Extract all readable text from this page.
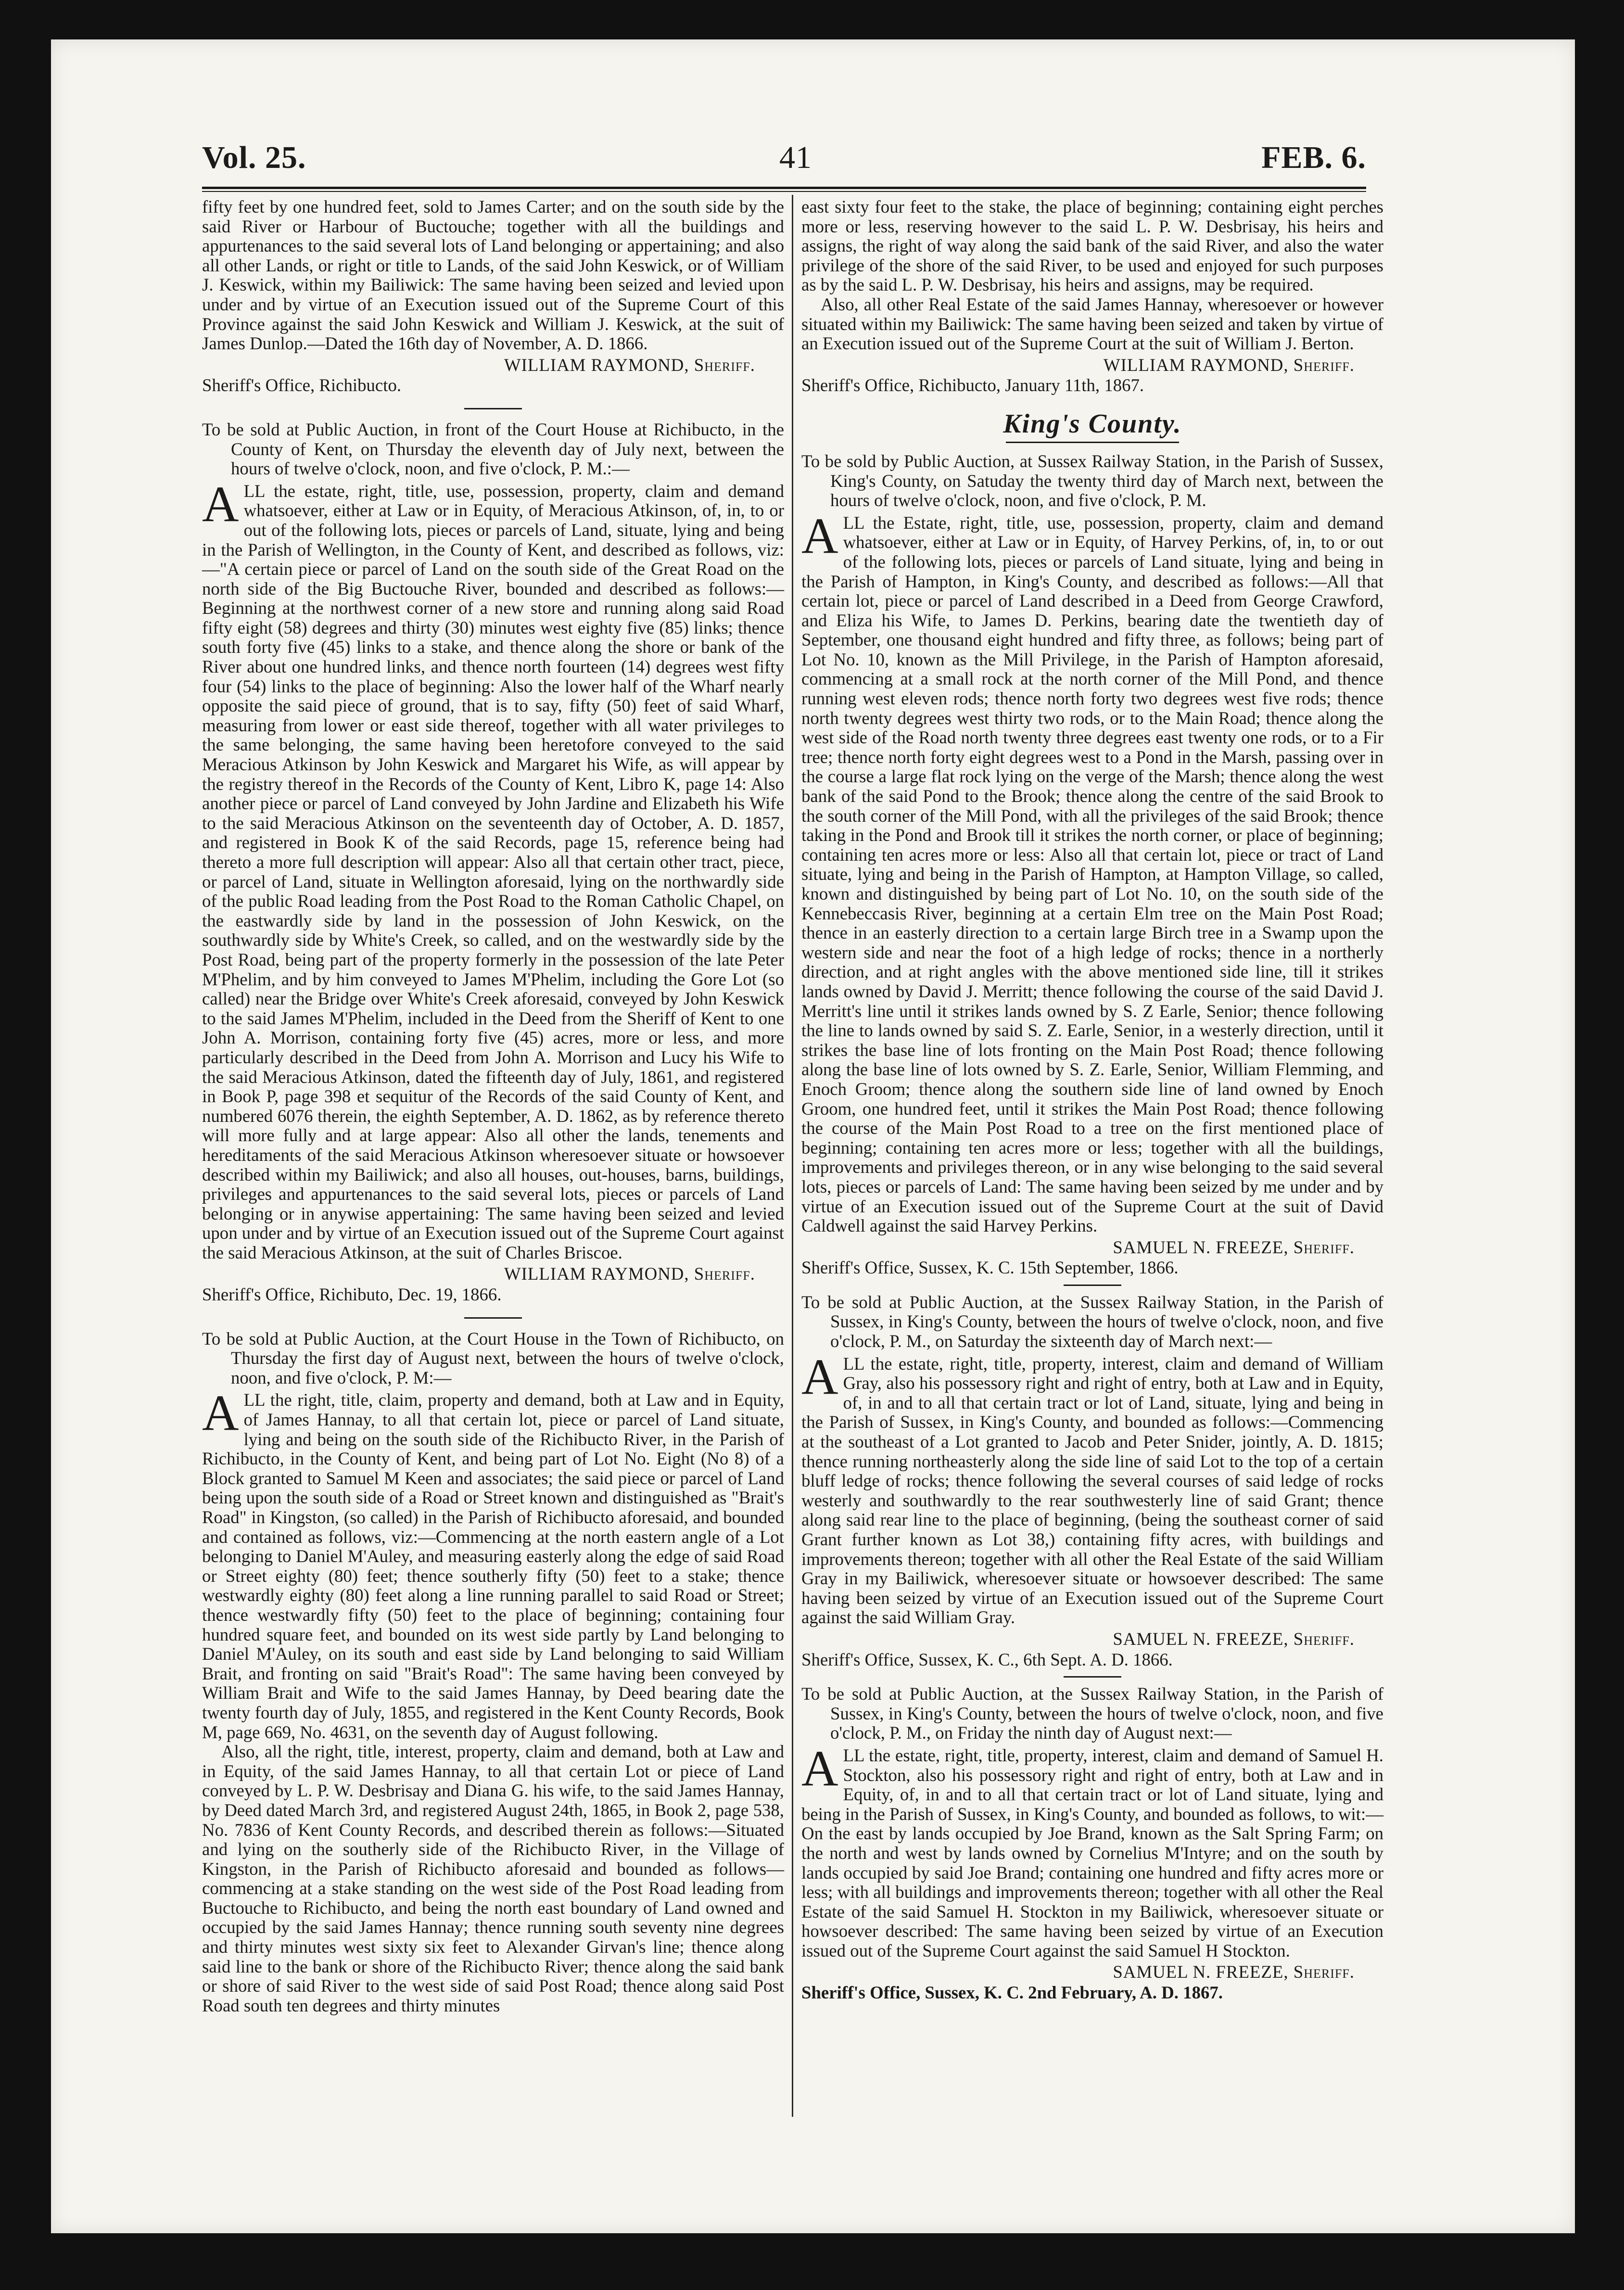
Vol. 25.	41	FEB. 6.

fifty feet by one hundred feet, sold to James Carter; and on the south side by the said River or Harbour of Buctouche; together with all the buildings and appurtenances to the said several lots of Land belonging or appertaining; and also all other Lands, or right or title to Lands, of the said John Keswick, or of William J. Keswick, within my Bailiwick: The same having been seized and levied upon under and by virtue of an Execution issued out of the Supreme Court of this Province against the said John Keswick and William J. Keswick, at the suit of James Dunlop.—Dated the 16th day of November, A. D. 1866.

WILLIAM RAYMOND, Sheriff.

Sheriff's Office, Richibucto.

To be sold at Public Auction, in front of the Court House at Richibucto, in the County of Kent, on Thursday the eleventh day of July next, between the hours of twelve o'clock, noon, and five o'clock, P. M.:—

ALL the estate, right, title, use, possession, property, claim and demand whatsoever, either at Law or in Equity, of Meracious Atkinson, of, in, to or out of the following lots, pieces or parcels of Land, situate, lying and being in the Parish of Wellington, in the County of Kent, and described as follows, viz:—"A certain piece or parcel of Land on the south side of the Great Road on the north side of the Big Buctouche River, bounded and described as follows:—Beginning at the northwest corner of a new store and running along said Road fifty eight (58) degrees and thirty (30) minutes west eighty five (85) links; thence south forty five (45) links to a stake, and thence along the shore or bank of the River about one hundred links, and thence north fourteen (14) degrees west fifty four (54) links to the place of beginning: Also the lower half of the Wharf nearly opposite the said piece of ground, that is to say, fifty (50) feet of said Wharf, measuring from lower or east side thereof, together with all water privileges to the same belonging, the same having been heretofore conveyed to the said Meracious Atkinson by John Keswick and Margaret his Wife, as will appear by the registry thereof in the Records of the County of Kent, Libro K, page 14: Also another piece or parcel of Land conveyed by John Jardine and Elizabeth his Wife to the said Meracious Atkinson on the seventeenth day of October, A. D. 1857, and registered in Book K of the said Records, page 15, reference being had thereto a more full description will appear: Also all that certain other tract, piece, or parcel of Land, situate in Wellington aforesaid, lying on the northwardly side of the public Road leading from the Post Road to the Roman Catholic Chapel, on the eastwardly side by land in the possession of John Keswick, on the southwardly side by White's Creek, so called, and on the westwardly side by the Post Road, being part of the property formerly in the possession of the late Peter M'Phelim, and by him conveyed to James M'Phelim, including the Gore Lot (so called) near the Bridge over White's Creek aforesaid, conveyed by John Keswick to the said James M'Phelim, included in the Deed from the Sheriff of Kent to one John A. Morrison, containing forty five (45) acres, more or less, and more particularly described in the Deed from John A. Morrison and Lucy his Wife to the said Meracious Atkinson, dated the fifteenth day of July, 1861, and registered in Book P, page 398 et sequitur of the Records of the said County of Kent, and numbered 6076 therein, the eighth September, A. D. 1862, as by reference thereto will more fully and at large appear: Also all other the lands, tenements and hereditaments of the said Meracious Atkinson wheresoever situate or howsoever described within my Bailiwick; and also all houses, out-houses, barns, buildings, privileges and appurtenances to the said several lots, pieces or parcels of Land belonging or in anywise appertaining: The same having been seized and levied upon under and by virtue of an Execution issued out of the Supreme Court against the said Meracious Atkinson, at the suit of Charles Briscoe.

WILLIAM RAYMOND, Sheriff.

Sheriff's Office, Richibuto, Dec. 19, 1866.

To be sold at Public Auction, at the Court House in the Town of Richibucto, on Thursday the first day of August next, between the hours of twelve o'clock, noon, and five o'clock, P. M:—

ALL the right, title, claim, property and demand, both at Law and in Equity, of James Hannay, to all that certain lot, piece or parcel of Land situate, lying and being on the south side of the Richibucto River, in the Parish of Richibucto, in the County of Kent, and being part of Lot No. Eight (No 8) of a Block granted to Samuel M Keen and associates; the said piece or parcel of Land being upon the south side of a Road or Street known and distinguished as "Brait's Road" in Kingston, (so called) in the Parish of Richibucto aforesaid, and bounded and contained as follows, viz:—Commencing at the north eastern angle of a Lot belonging to Daniel M'Auley, and measuring easterly along the edge of said Road or Street eighty (80) feet; thence southerly fifty (50) feet to a stake; thence westwardly eighty (80) feet along a line running parallel to said Road or Street; thence westwardly fifty (50) feet to the place of beginning; containing four hundred square feet, and bounded on its west side partly by Land belonging to Daniel M'Auley, on its south and east side by Land belonging to said William Brait, and fronting on said "Brait's Road": The same having been conveyed by William Brait and Wife to the said James Hannay, by Deed bearing date the twenty fourth day of July, 1855, and registered in the Kent County Records, Book M, page 669, No. 4631, on the seventh day of August following.

Also, all the right, title, interest, property, claim and demand, both at Law and in Equity, of the said James Hannay, to all that certain Lot or piece of Land conveyed by L. P. W. Desbrisay and Diana G. his wife, to the said James Hannay, by Deed dated March 3rd, and registered August 24th, 1865, in Book 2, page 538, No. 7836 of Kent County Records, and described therein as follows:—Situated and lying on the southerly side of the Richibucto River, in the Village of Kingston, in the Parish of Richibucto aforesaid and bounded as follows—commencing at a stake standing on the west side of the Post Road leading from Buctouche to Richibucto, and being the north east boundary of Land owned and occupied by the said James Hannay; thence running south seventy nine degrees and thirty minutes west sixty six feet to Alexander Girvan's line; thence along said line to the bank or shore of the Richibucto River; thence along the said bank or shore of said River to the west side of said Post Road; thence along said Post Road south ten degrees and thirty minutes

east sixty four feet to the stake, the place of beginning; containing eight perches more or less, reserving however to the said L. P. W. Desbrisay, his heirs and assigns, the right of way along the said bank of the said River, and also the water privilege of the shore of the said River, to be used and enjoyed for such purposes as by the said L. P. W. Desbrisay, his heirs and assigns, may be required.

Also, all other Real Estate of the said James Hannay, wheresoever or however situated within my Bailiwick: The same having been seized and taken by virtue of an Execution issued out of the Supreme Court at the suit of William J. Berton.

WILLIAM RAYMOND, Sheriff.

Sheriff's Office, Richibucto, January 11th, 1867.

King's County.

To be sold by Public Auction, at Sussex Railway Station, in the Parish of Sussex, King's County, on Satuday the twenty third day of March next, between the hours of twelve o'clock, noon, and five o'clock, P. M.

ALL the Estate, right, title, use, possession, property, claim and demand whatsoever, either at Law or in Equity, of Harvey Perkins, of, in, to or out of the following lots, pieces or parcels of Land situate, lying and being in the Parish of Hampton, in King's County, and described as follows:—All that certain lot, piece or parcel of Land described in a Deed from George Crawford, and Eliza his Wife, to James D. Perkins, bearing date the twentieth day of September, one thousand eight hundred and fifty three, as follows; being part of Lot No. 10, known as the Mill Privilege, in the Parish of Hampton aforesaid, commencing at a small rock at the north corner of the Mill Pond, and thence running west eleven rods; thence north forty two degrees west five rods; thence north twenty degrees west thirty two rods, or to the Main Road; thence along the west side of the Road north twenty three degrees east twenty one rods, or to a Fir tree; thence north forty eight degrees west to a Pond in the Marsh, passing over in the course a large flat rock lying on the verge of the Marsh; thence along the west bank of the said Pond to the Brook; thence along the centre of the said Brook to the south corner of the Mill Pond, with all the privileges of the said Brook; thence taking in the Pond and Brook till it strikes the north corner, or place of beginning; containing ten acres more or less: Also all that certain lot, piece or tract of Land situate, lying and being in the Parish of Hampton, at Hampton Village, so called, known and distinguished by being part of Lot No. 10, on the south side of the Kennebeccasis River, beginning at a certain Elm tree on the Main Post Road; thence in an easterly direction to a certain large Birch tree in a Swamp upon the western side and near the foot of a high ledge of rocks; thence in a northerly direction, and at right angles with the above mentioned side line, till it strikes lands owned by David J. Merritt; thence following the course of the said David J. Merritt's line until it strikes lands owned by S. Z Earle, Senior; thence following the line to lands owned by said S. Z. Earle, Senior, in a westerly direction, until it strikes the base line of lots fronting on the Main Post Road; thence following along the base line of lots owned by S. Z. Earle, Senior, William Flemming, and Enoch Groom; thence along the southern side line of land owned by Enoch Groom, one hundred feet, until it strikes the Main Post Road; thence following the course of the Main Post Road to a tree on the first mentioned place of beginning; containing ten acres more or less; together with all the buildings, improvements and privileges thereon, or in any wise belonging to the said several lots, pieces or parcels of Land: The same having been seized by me under and by virtue of an Execution issued out of the Supreme Court at the suit of David Caldwell against the said Harvey Perkins.

SAMUEL N. FREEZE, Sheriff.

Sheriff's Office, Sussex, K. C. 15th September, 1866.

To be sold at Public Auction, at the Sussex Railway Station, in the Parish of Sussex, in King's County, between the hours of twelve o'clock, noon, and five o'clock, P. M., on Saturday the sixteenth day of March next:—

ALL the estate, right, title, property, interest, claim and demand of William Gray, also his possessory right and right of entry, both at Law and in Equity, of, in and to all that certain tract or lot of Land, situate, lying and being in the Parish of Sussex, in King's County, and bounded as follows:—Commencing at the southeast of a Lot granted to Jacob and Peter Snider, jointly, A. D. 1815; thence running northeasterly along the side line of said Lot to the top of a certain bluff ledge of rocks; thence following the several courses of said ledge of rocks westerly and southwardly to the rear southwesterly line of said Grant; thence along said rear line to the place of beginning, (being the southeast corner of said Grant further known as Lot 38,) containing fifty acres, with buildings and improvements thereon; together with all other the Real Estate of the said William Gray in my Bailiwick, wheresoever situate or howsoever described: The same having been seized by virtue of an Execution issued out of the Supreme Court against the said William Gray.

SAMUEL N. FREEZE, Sheriff.

Sheriff's Office, Sussex, K. C., 6th Sept. A. D. 1866.

To be sold at Public Auction, at the Sussex Railway Station, in the Parish of Sussex, in King's County, between the hours of twelve o'clock, noon, and five o'clock, P. M., on Friday the ninth day of August next:—

ALL the estate, right, title, property, interest, claim and demand of Samuel H. Stockton, also his possessory right and right of entry, both at Law and in Equity, of, in and to all that certain tract or lot of Land situate, lying and being in the Parish of Sussex, in King's County, and bounded as follows, to wit:—On the east by lands occupied by Joe Brand, known as the Salt Spring Farm; on the north and west by lands owned by Cornelius M'Intyre; and on the south by lands occupied by said Joe Brand; containing one hundred and fifty acres more or less; with all buildings and improvements thereon; together with all other the Real Estate of the said Samuel H. Stockton in my Bailiwick, wheresoever situate or howsoever described: The same having been seized by virtue of an Execution issued out of the Supreme Court against the said Samuel H Stockton.

SAMUEL N. FREEZE, Sheriff.

Sheriff's Office, Sussex, K. C. 2nd February, A. D. 1867.
